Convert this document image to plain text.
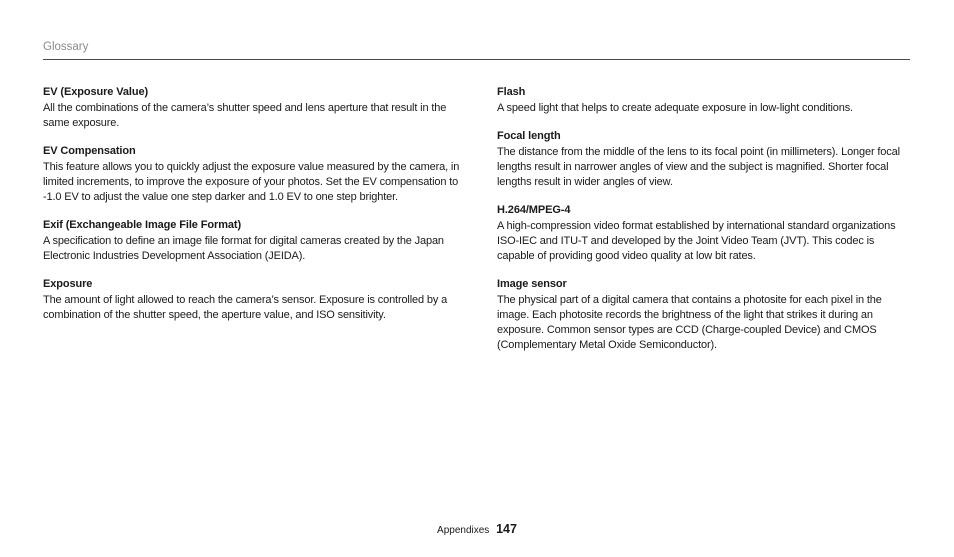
Glossary
EV (Exposure Value)

All the combinations of the camera’s shutter speed and lens aperture that result in the same exposure.

EV Compensation

This feature allows you to quickly adjust the exposure value measured by the camera, in limited increments, to improve the exposure of your photos. Set the EV compensation to -1.0 EV to adjust the value one step darker and 1.0 EV to one step brighter.

Exif (Exchangeable Image File Format)

A specification to define an image file format for digital cameras created by the Japan Electronic Industries Development Association (JEIDA).

Exposure

The amount of light allowed to reach the camera’s sensor. Exposure is controlled by a combination of the shutter speed, the aperture value, and ISO sensitivity.

Flash

A speed light that helps to create adequate exposure in low-light conditions.

Focal length

The distance from the middle of the lens to its focal point (in millimeters). Longer focal lengths result in narrower angles of view and the subject is magnified. Shorter focal lengths result in wider angles of view.

H.264/MPEG-4

A high-compression video format established by international standard organizations ISO-IEC and ITU-T and developed by the Joint Video Team (JVT). This codec is capable of providing good video quality at low bit rates.

Image sensor

The physical part of a digital camera that contains a photosite for each pixel in the image. Each photosite records the brightness of the light that strikes it during an exposure. Common sensor types are CCD (Charge-coupled Device) and CMOS (Complementary Metal Oxide Semiconductor).

Appendixes 147
